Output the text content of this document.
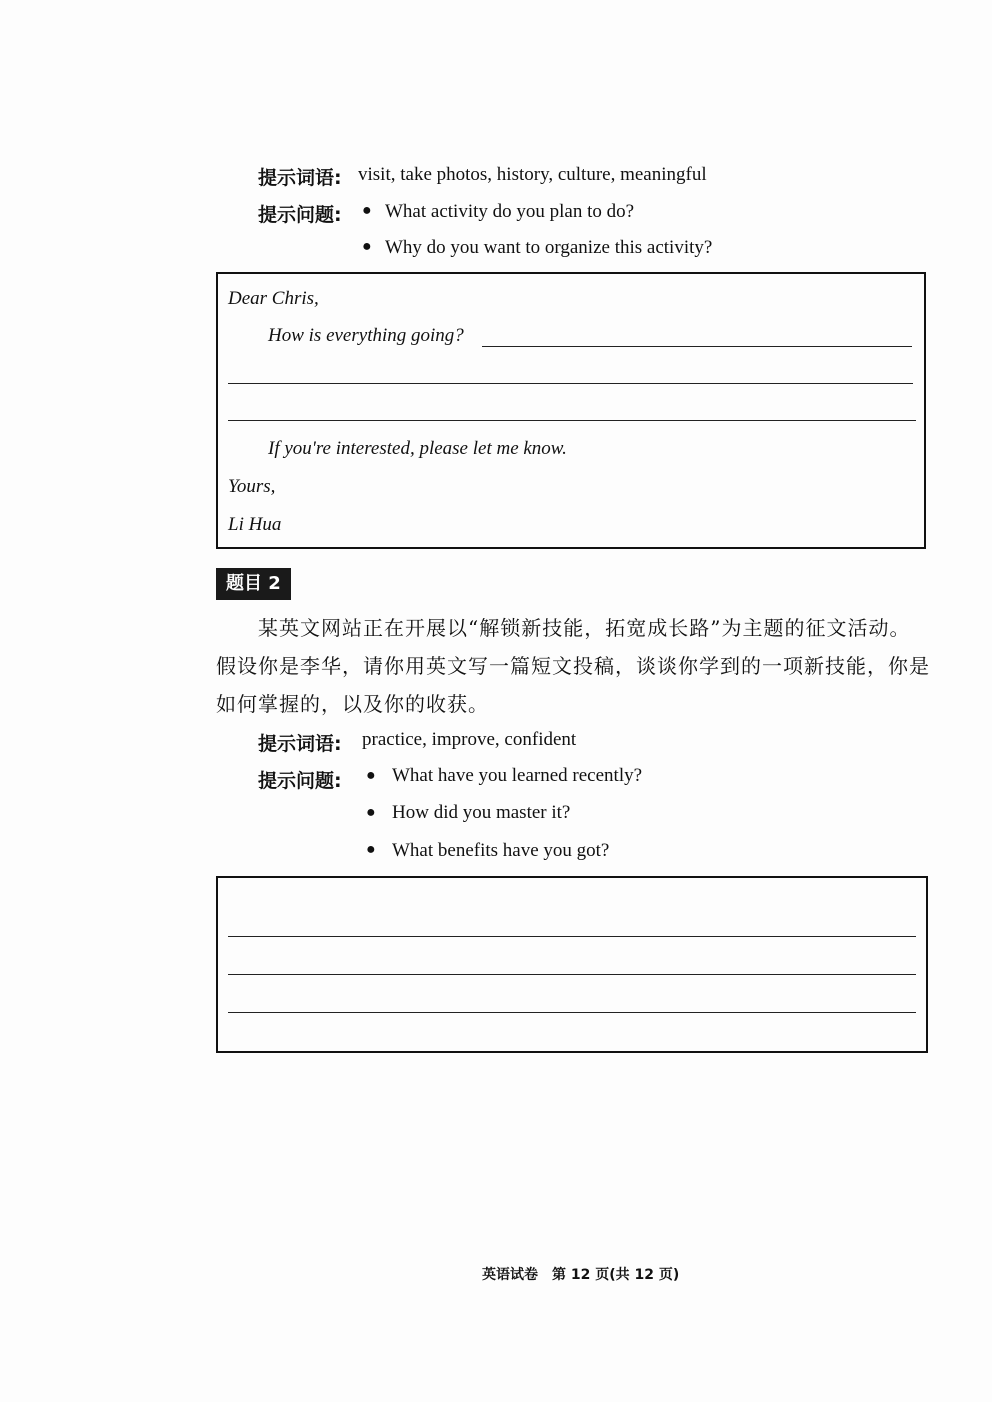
提示词语: visit, take photos, history, culture, meaningful
提示问题: ● What activity do you plan to do?
● Why do you want to organize this activity?
Dear Chris,
How is everything going?
If you're interested, please let me know.
Yours,
Li Hua
题目 2
某英文网站正在开展以“解锁新技能，拓宽成长路”为主题的征文活动。
假设你是李华，请你用英文写一篇短文投稿，谈谈你学到的一项新技能，你是
如何掌握的，以及你的收获。
提示词语: practice, improve, confident
提示问题: ● What have you learned recently?
● How did you master it?
● What benefits have you got?
英语试卷　第 12 页(共 12 页)
